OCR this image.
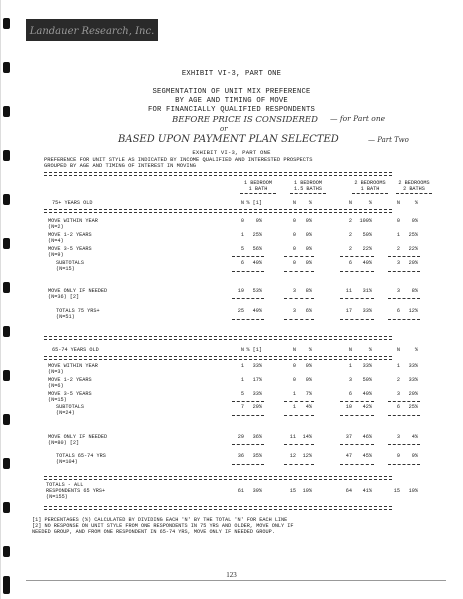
Landauer Research, Inc.
EXHIBIT VI-3, PART ONE
SEGMENTATION OF UNIT MIX PREFERENCE
BY AGE AND TIMING OF MOVE
FOR FINANCIALLY QUALIFIED RESPONDENTS
BEFORE PRICE IS CONSIDERED — for Part one
or
BASED UPON PAYMENT PLAN SELECTED	— Part Two
EXHIBIT VI-3, PART ONE
PREFERENCE FOR UNIT STYLE AS INDICATED BY INCOME QUALIFIED AND INTERESTED PROSPECTS
GROUPED BY AGE AND TIMING OF INTEREST IN MOVING
1 BEDROOM
1 BATH
1 BEDROOM
1.5 BATHS
2 BEDROOMS
1 BATH
2 BEDROOMS
2 BATHS
75+ YEARS OLD	N % [1]	N	%	N	%	N	%
MOVE WITHIN YEAR
(N=2)
0	0%	0	0%	2	100%	0	0%
MOVE 1-2 YEARS
(N=4)
1	25%	0	0%	2	50%	1	25%
MOVE 3-5 YEARS
(N=9)
5	56%	0	0%	2	22%	2	22%
SUBTOTALS
(N=15)
6	40%	0	0%	6	40%	3	20%
MOVE ONLY IF NEEDED
(N=36) [2]
19	53%	3	8%	11	31%	3	8%
TOTALS 75 YRS+
(N=51)
25	49%	3	6%	17	33%	6	12%
65-74 YEARS OLD	N % [1]	N	%	N	%	N	%
MOVE WITHIN YEAR
(N=3)
1	33%	0	0%	1	33%	1	33%
MOVE 1-2 YEARS
(N=6)
1	17%	0	0%	3	50%	2	33%
MOVE 3-5 YEARS
(N=15)
5	33%	1	7%	6	40%	3	20%
SUBTOTALS
(N=24)
7	29%	1	4%	10	42%	6	25%
MOVE ONLY IF NEEDED
(N=80) [2]
29	36%	11	14%	37	46%	3	4%
TOTALS 65-74 YRS
(N=104)
36	35%	12	12%	47	45%	9	9%
TOTALS - ALL
RESPONDENTS 65 YRS+
(N=155)
61	39%	15	10%	64	41%	15	10%
[1] PERCENTAGES (%) CALCULATED BY DIVIDING EACH 'N' BY THE TOTAL 'N' FOR EACH LINE
[2] NO RESPONSE ON UNIT STYLE FROM ONE RESPONDENTS IN 75 YRS AND OLDER, MOVE ONLY IF
NEEDED GROUP, AND FROM ONE RESPONDENT IN 65-74 YRS, MOVE ONLY IF NEEDED GROUP.
123
